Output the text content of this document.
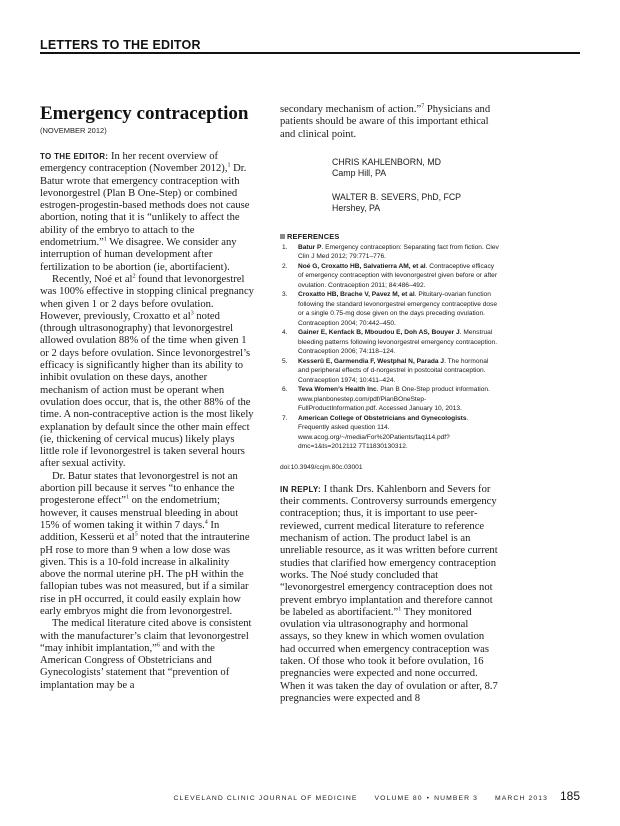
LETTERS TO THE EDITOR
Emergency contraception
(NOVEMBER 2012)

TO THE EDITOR: In her recent overview of emergency contraception (November 2012),$^1$ Dr. Batur wrote that emergency contraception with levonorgestrel (Plan B One-Step) or combined estrogen-progestin-based methods does not cause abortion, noting that it is “unlikely to affect the ability of the embryo to attach to the endometrium.”$^1$ We disagree. We consider any interruption of human development after fertilization to be abortion (ie, abortifacient).

Recently, Noé et $al^2$ found that levonorgestrel was 100% effective in stopping clinical pregnancy when given 1 or 2 days before ovulation. However, previously, Croxatto et $al^3$ noted (through ultrasonography) that levonorgestrel allowed ovulation 88% of the time when given 1 or 2 days before ovulation. Since levonorgestrel’s efficacy is significantly higher than its ability to inhibit ovulation on these days, another mechanism of action must be operant when ovulation does occur, that is, the other 88% of the time. A non-contraceptive action is the most likely explanation by default since the other main effect (ie, thickening of cervical mucus) likely plays little role if levonorgestrel is taken several hours after sexual activity.

Dr. Batur states that levonorgestrel is not an abortion pill because it serves “to enhance the progesterone effect”$^1$ on the endometrium; however, it causes menstrual bleeding in about 15% of women taking it within 7 days.$^4$ In addition, Kesserü et $al^5$ noted that the intrauterine pH rose to more than 9 when a low dose was given. This is a 10-fold increase in alkalinity above the normal uterine pH. The pH within the fallopian tubes was not measured, but if a similar rise in pH occurred, it could easily explain how early embryos might die from levonorgestrel.

The medical literature cited above is consistent with the manufacturer’s claim that levonorgestrel “may inhibit implantation,”$^6$ and with the American Congress of Obstetricians and Gynecologists’ statement that “prevention of implantation may be a

secondary mechanism of action.”$^7$ Physicians and patients should be aware of this important ethical and clinical point.

CHRIS KAHLENBORN, MD
Camp Hill, PA
WALTER B. SEVERS, PhD, FCP
Hershey, PA
REFERENCES
1.	Batur P. Emergency contraception: Separating fact from fiction. Clev Clin J Med 2012; 79:771–776.
2.	Noé G, Croxatto HB, Salvatierra AM, et al. Contraceptive efficacy of emergency contraception with levonorgestrel given before or after ovulation. Contraception 2011; 84:486–492.
3.	Croxatto HB, Brache V, Pavez M, et al. Pituitary-ovarian function following the standard levonorgestrel emergency contraceptive dose or a single 0.75-mg dose given on the days preceding ovulation. Contraception 2004; 70:442–450.
4.	Gainer E, Kenfack B, Mboudou E, Doh AS, Bouyer J. Menstrual bleeding patterns following levonorgestrel emergency contraception. Contraception 2006; 74:118–124.
5.	Kesserü E, Garmendia F, Westphal N, Parada J. The hormonal and peripheral effects of d-norgestrel in postcoital contraception. Contraception 1974; 10:411–424.
6.	Teva Women’s Health Inc. Plan B One-Step product information. www.planbonestep.com/pdf/PlanBOneStep-FullProductInformation.pdf. Accessed January 10, 2013.
7.	American College of Obstetricians and Gynecologists. Frequently asked question 114. www.acog.org/~/media/For%20Patients/faq114.pdf?dmc=1&ts=2012112 7T11830130312.
doi:10.3949/ccjm.80c.03001

IN REPLY: I thank Drs. Kahlenborn and Severs for their comments. Controversy surrounds emergency contraception; thus, it is important to use peer-reviewed, current medical literature to reference mechanism of action. The product label is an unreliable resource, as it was written before current studies that clarified how emergency contraception works. The Noé study concluded that “levonorgestrel emergency contraception does not prevent embryo implantation and therefore cannot be labeled as abortifacient.”$^1$ They monitored ovulation via ultrasonography and hormonal assays, so they knew in which women ovulation had occurred when emergency contraception was taken. Of those who took it before ovulation, 16 pregnancies were expected and none occurred. When it was taken the day of ovulation or after, 8.7 pregnancies were expected and 8

CLEVELAND CLINIC JOURNAL OF MEDICINE
	VOLUME 80 • NUMBER 3
	MARCH 2013 185
